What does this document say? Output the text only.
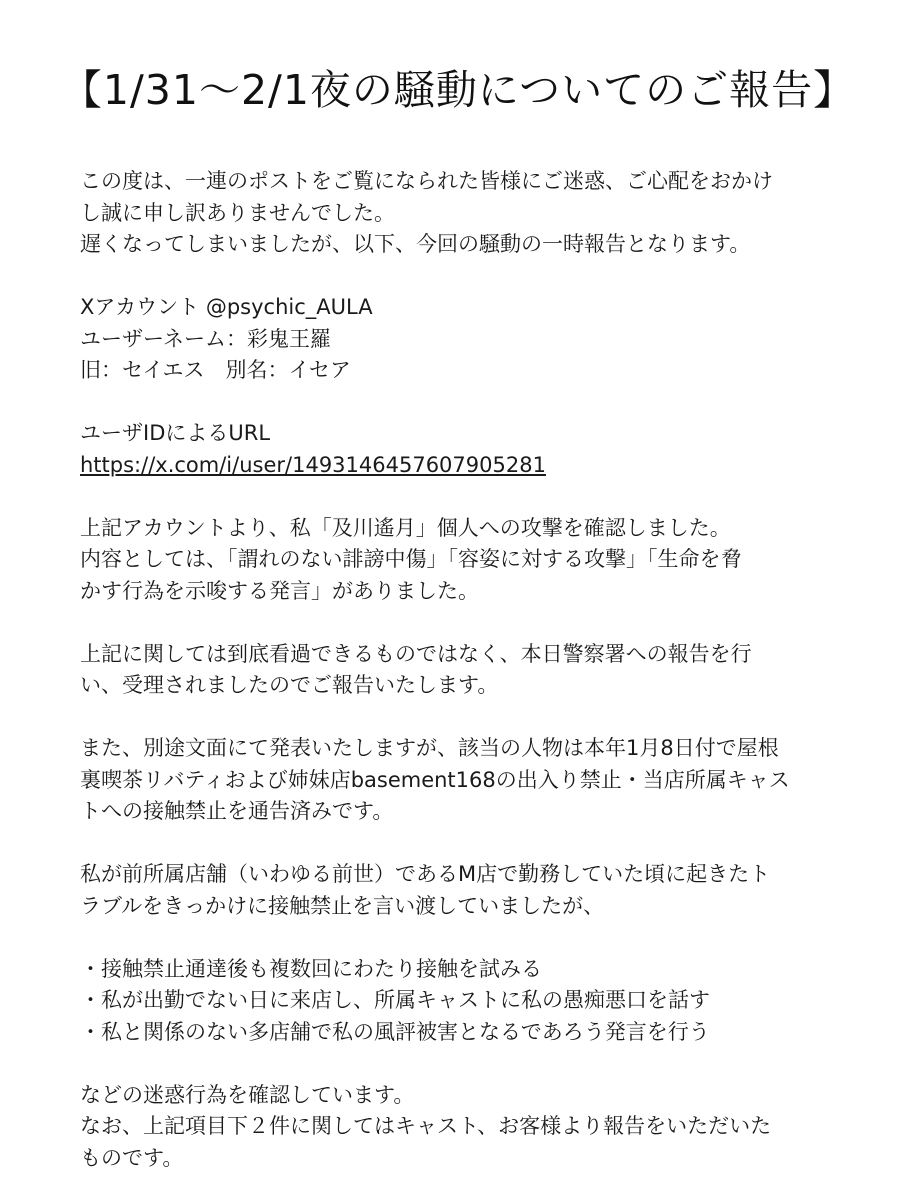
【1/31〜2/1夜の騒動についてのご報告】
この度は、一連のポストをご覧になられた皆様にご迷惑、ご心配をおかけ
し誠に申し訳ありませんでした。
遅くなってしまいましたが、以下、今回の騒動の一時報告となります。
Xアカウント @psychic_AULA
ユーザーネーム：彩鬼王羅
旧：セイエス　別名：イセア
ユーザIDによるURL
https://x.com/i/user/1493146457607905281
上記アカウントより、私「及川遙月」個人への攻撃を確認しました。
内容としては、「謂れのない誹謗中傷」「容姿に対する攻撃」「生命を脅
かす行為を示唆する発言」がありました。
上記に関しては到底看過できるものではなく、本日警察署への報告を行
い、受理されましたのでご報告いたします。
また、別途文面にて発表いたしますが、該当の人物は本年1月8日付で屋根
裏喫茶リバティおよび姉妹店basement168の出入り禁止・当店所属キャス
トへの接触禁止を通告済みです。
私が前所属店舗（いわゆる前世）であるM店で勤務していた頃に起きたト
ラブルをきっかけに接触禁止を言い渡していましたが、
・接触禁止通達後も複数回にわたり接触を試みる
・私が出勤でない日に来店し、所属キャストに私の愚痴悪口を話す
・私と関係のない多店舗で私の風評被害となるであろう発言を行う
などの迷惑行為を確認しています。
なお、上記項目下２件に関してはキャスト、お客様より報告をいただいた
ものです。
